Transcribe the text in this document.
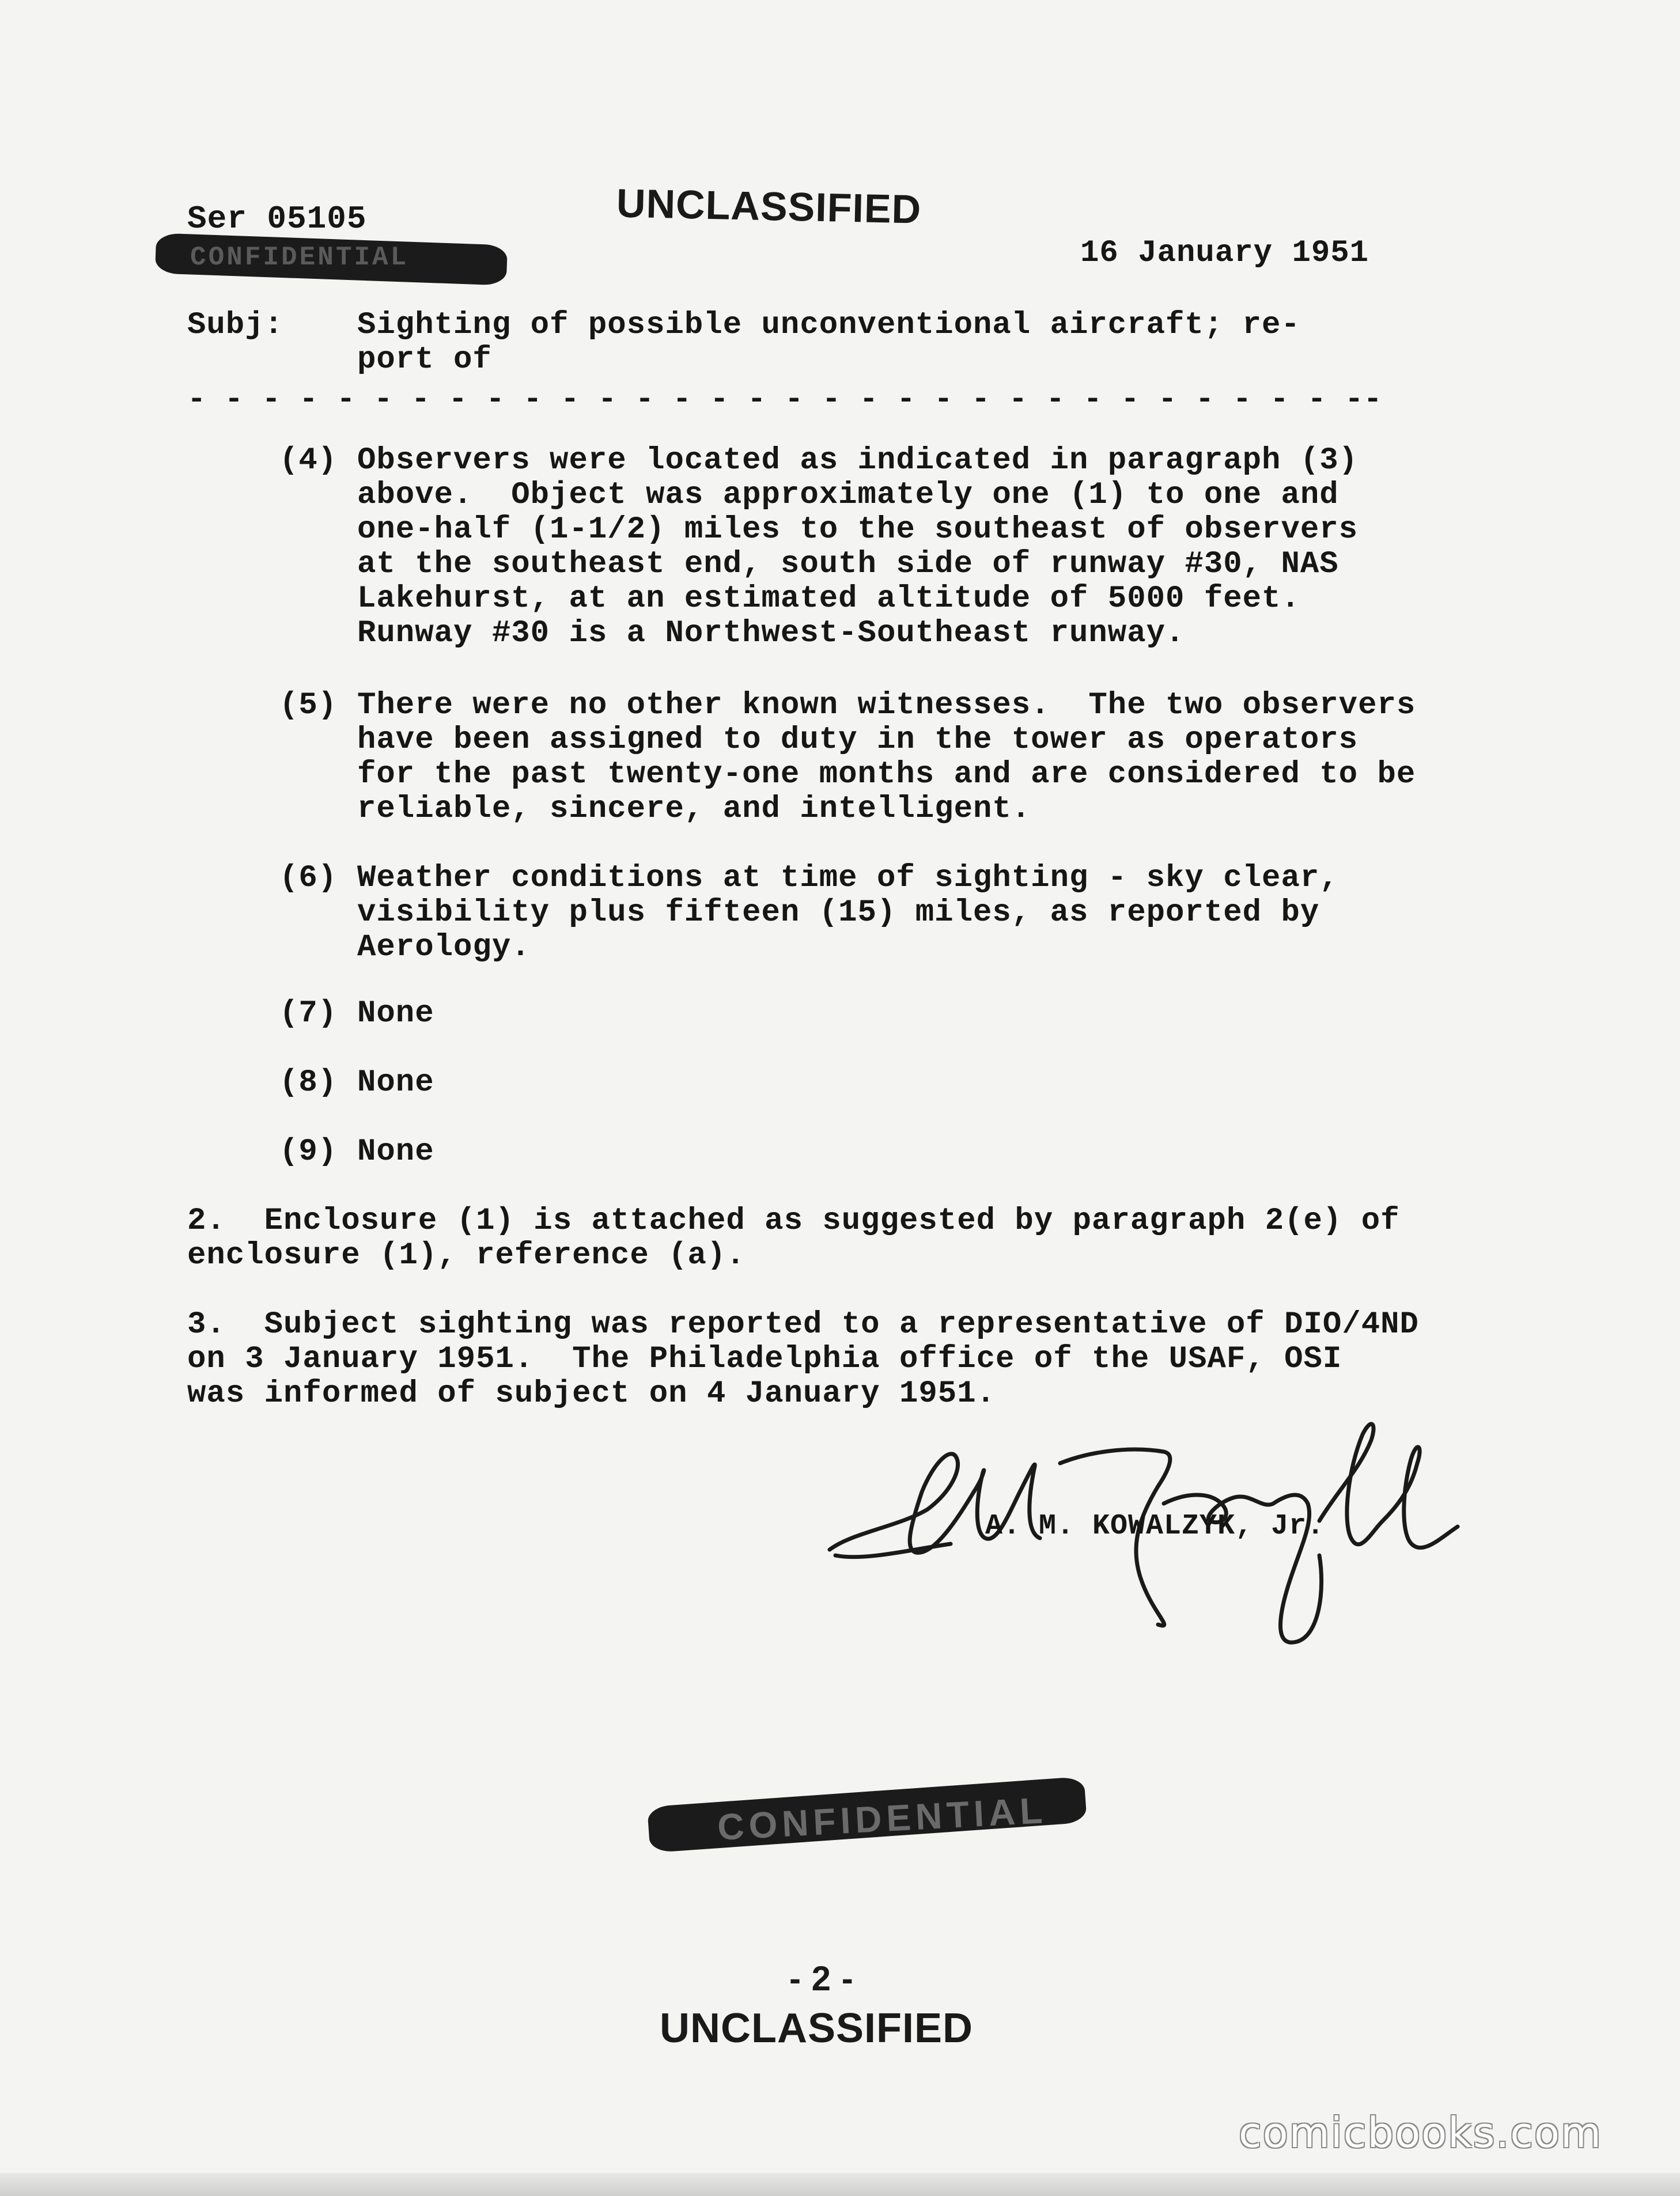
UNCLASSIFIED
Ser 05105
CONFIDENTIAL	16 January 1951
Subj: Sighting of possible unconventional aircraft; re-
port of
- - - - - - - - - - - - - - - - - - - - - - - - - - - - - - - --
(4) Observers were located as indicated in paragraph (3)
above.  Object was approximately one (1) to one and
one-half (1-1/2) miles to the southeast of observers
at the southeast end, south side of runway #30, NAS
Lakehurst, at an estimated altitude of 5000 feet.
Runway #30 is a Northwest-Southeast runway.
(5) There were no other known witnesses.  The two observers
have been assigned to duty in the tower as operators
for the past twenty-one months and are considered to be
reliable, sincere, and intelligent.
(6) Weather conditions at time of sighting - sky clear,
visibility plus fifteen (15) miles, as reported by
Aerology.
(7) None
(8) None
(9) None
2.  Enclosure (1) is attached as suggested by paragraph 2(e) of
enclosure (1), reference (a).
3.  Subject sighting was reported to a representative of DIO/4ND
on 3 January 1951.  The Philadelphia office of the USAF, OSI
was informed of subject on 4 January 1951.
A. M. KOWALZYK, Jr.
CONFIDENTIAL
- 2 -
UNCLASSIFIED
comicbooks.com
